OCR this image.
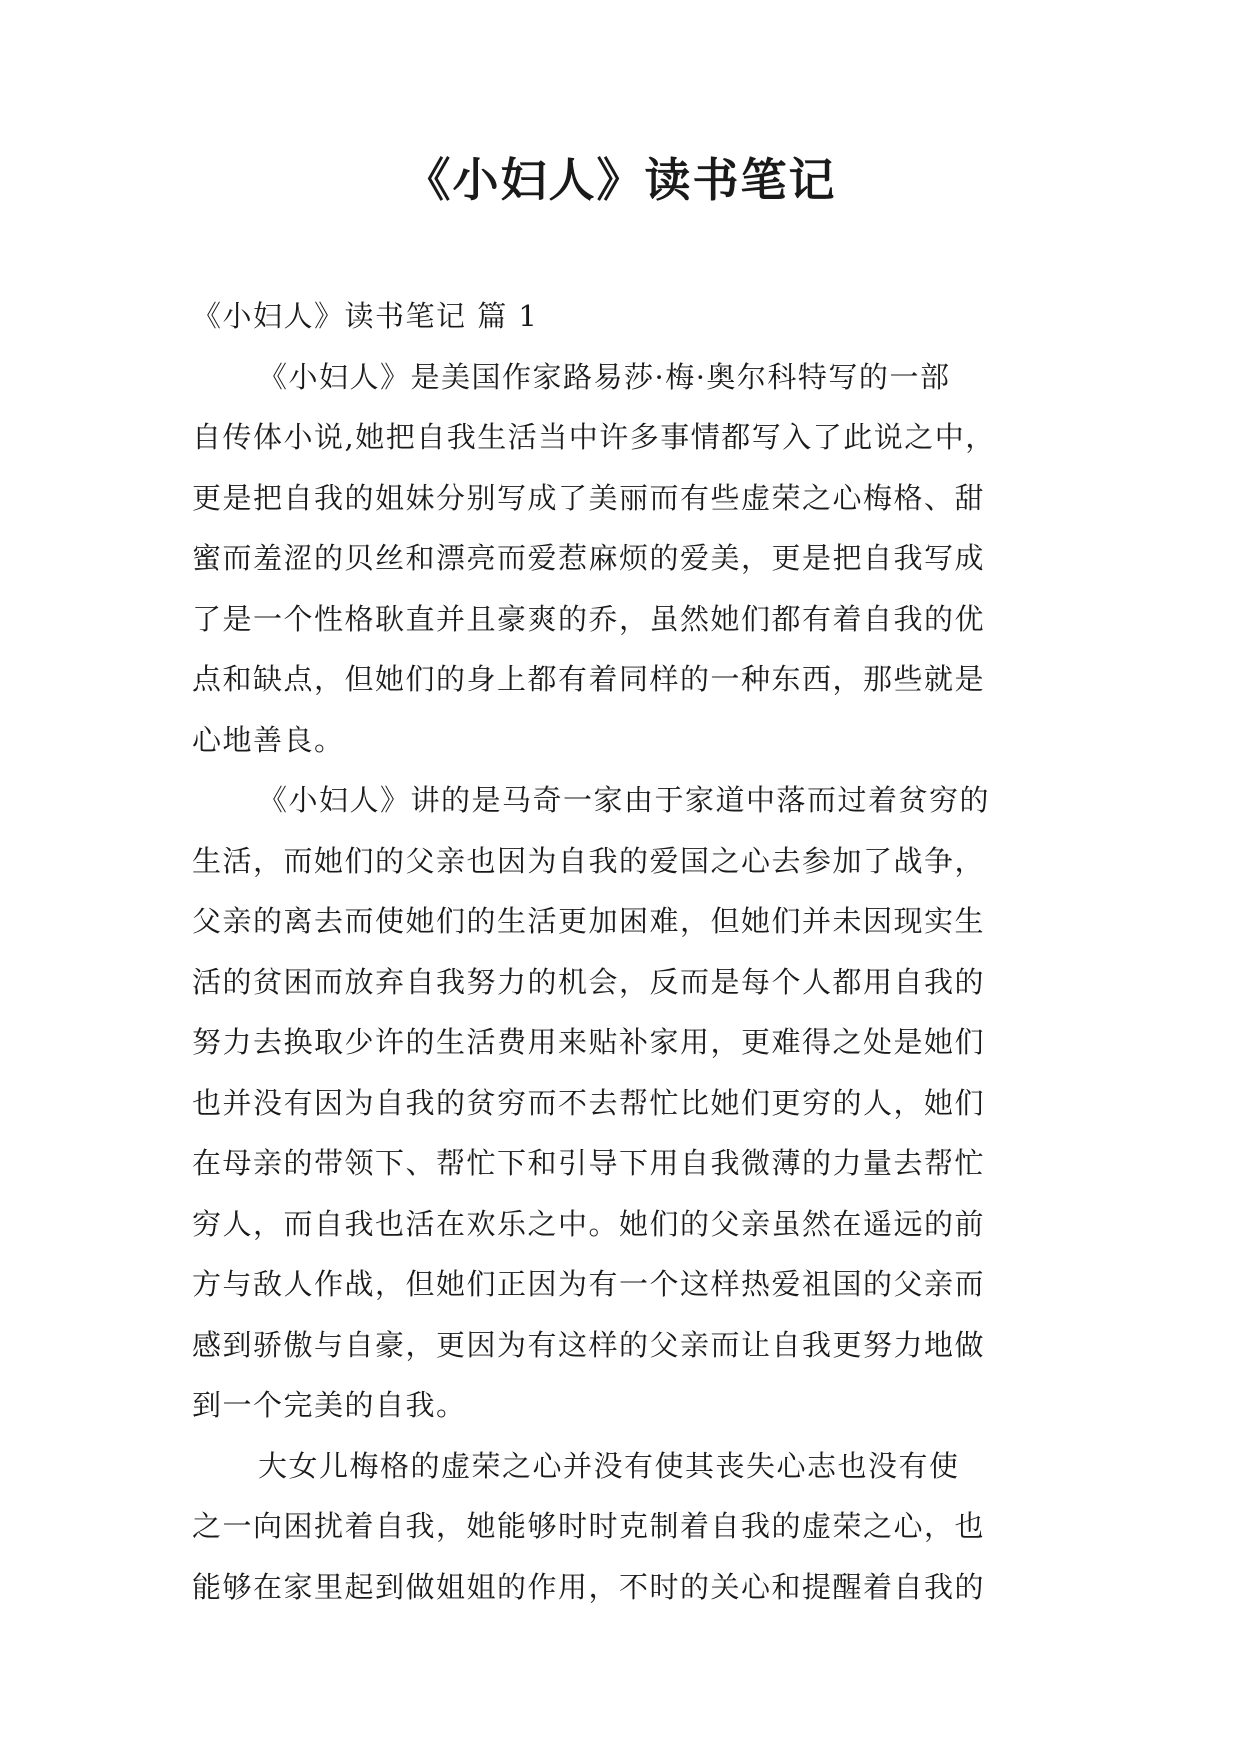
《小妇人》读书笔记

《小妇人》读书笔记 篇 1

《小妇人》是美国作家路易莎·梅·奥尔科特写的一部
自传体小说,她把自我生活当中许多事情都写入了此说之中，
更是把自我的姐妹分别写成了美丽而有些虚荣之心梅格、甜
蜜而羞涩的贝丝和漂亮而爱惹麻烦的爱美，更是把自我写成
了是一个性格耿直并且豪爽的乔，虽然她们都有着自我的优
点和缺点，但她们的身上都有着同样的一种东西，那些就是
心地善良。

《小妇人》讲的是马奇一家由于家道中落而过着贫穷的
生活，而她们的父亲也因为自我的爱国之心去参加了战争，
父亲的离去而使她们的生活更加困难，但她们并未因现实生
活的贫困而放弃自我努力的机会，反而是每个人都用自我的
努力去换取少许的生活费用来贴补家用，更难得之处是她们
也并没有因为自我的贫穷而不去帮忙比她们更穷的人，她们
在母亲的带领下、帮忙下和引导下用自我微薄的力量去帮忙
穷人，而自我也活在欢乐之中。她们的父亲虽然在遥远的前
方与敌人作战，但她们正因为有一个这样热爱祖国的父亲而
感到骄傲与自豪，更因为有这样的父亲而让自我更努力地做
到一个完美的自我。

大女儿梅格的虚荣之心并没有使其丧失心志也没有使
之一向困扰着自我，她能够时时克制着自我的虚荣之心，也
能够在家里起到做姐姐的作用，不时的关心和提醒着自我的
